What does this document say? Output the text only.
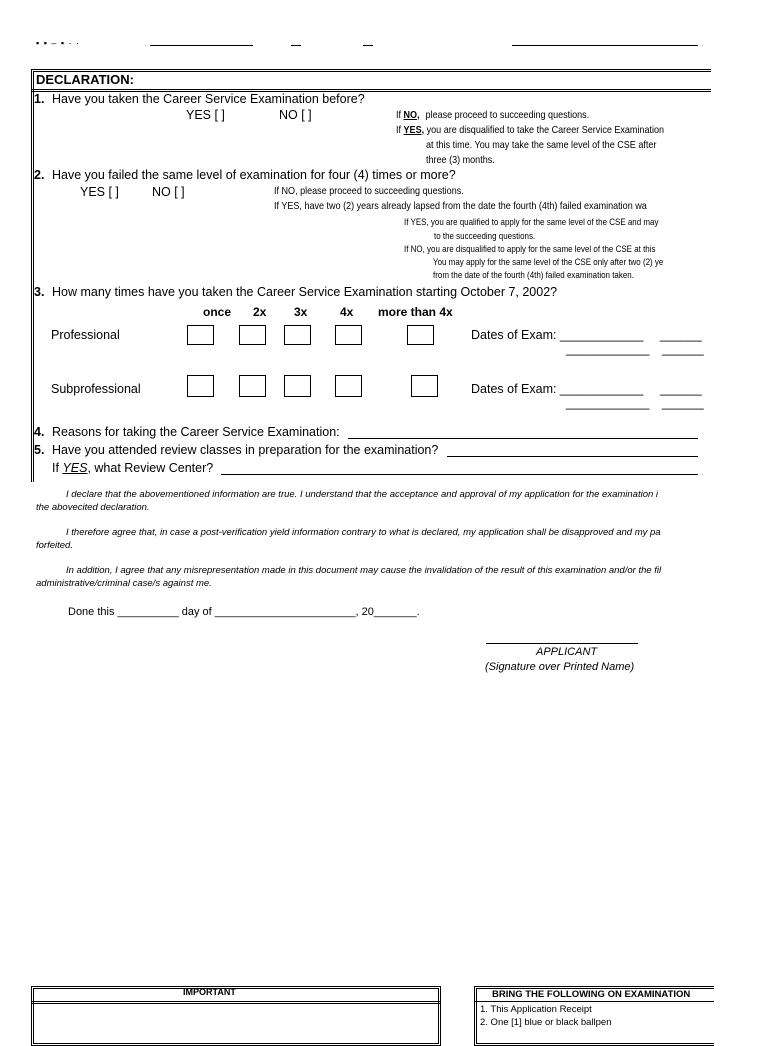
▪ ▪ – ▪ · ·
DECLARATION:
1. Have you taken the Career Service Examination before?
YES [ ]	NO [ ]	If NO, please proceed to succeeding questions.
If YES, you are disqualified to take the Career Service Examination
at this time. You may take the same level of the CSE after
three (3) months.
2. Have you failed the same level of examination for four (4) times or more?
YES [ ]	NO [ ]	If NO, please proceed to succeeding questions.
If YES, have two (2) years already lapsed from the date the fourth (4th) failed examination wa
If YES, you are qualified to apply for the same level of the CSE and may
to the succeeding questions.
If NO, you are disqualified to apply for the same level of the CSE at this
You may apply for the same level of the CSE only after two (2) ye
from the date of the fourth (4th) failed examination taken.
3. How many times have you taken the Career Service Examination starting October 7, 2002?
once 2x 3x	4x more than 4x
Professional	Dates of Exam: ____________ ______
____________ ______
Subprofessional	Dates of Exam: ____________ ______
____________ ______
4. Reasons for taking the Career Service Examination:
5. Have you attended review classes in preparation for the examination?
If YES, what Review Center?
I declare that the abovementioned information are true. I understand that the acceptance and approval of my application for the examination i
the abovecited declaration.
I therefore agree that, in case a post-verification yield information contrary to what is declared, my application shall be disapproved and my pa
forfeited.
In addition, I agree that any misrepresentation made in this document may cause the invalidation of the result of this examination and/or the fil
administrative/criminal case/s against me.
Done this __________ day of _______________________, 20_______.
APPLICANT
(Signature over Printed Name)
IMPORTANT	BRING THE FOLLOWING ON EXAMINATION
1. This Application Receipt
2. One [1] blue or black ballpen
